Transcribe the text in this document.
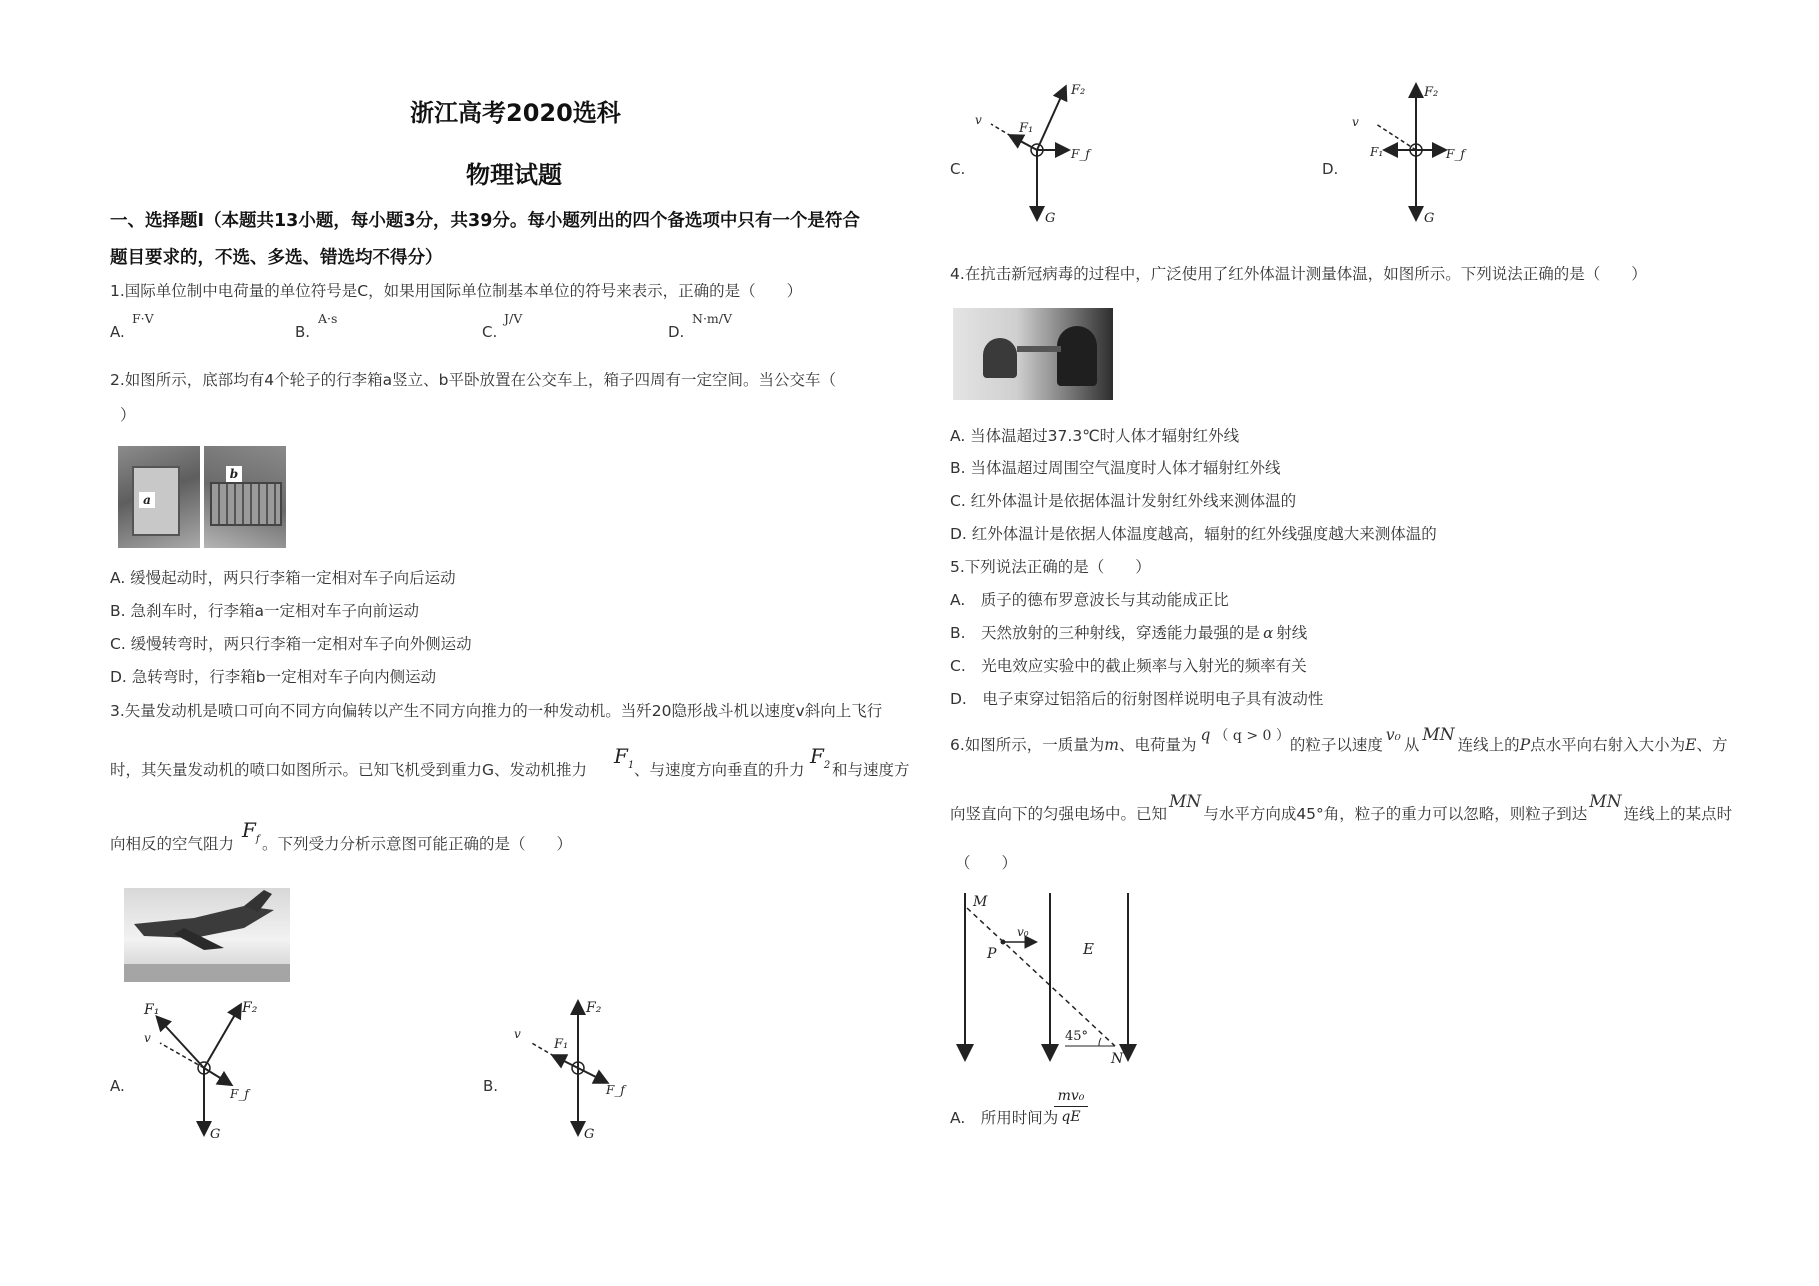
浙江高考2020选科
物理试题
一、选择题I（本题共13小题，每小题3分，共39分。每小题列出的四个备选项中只有一个是符合
题目要求的，不选、多选、错选均不得分）
1.国际单位制中电荷量的单位符号是C，如果用国际单位制基本单位的符号来表示，正确的是（　　）
A.
F·V
B.
A·s
C.
J/V
D.
N·m/V
2.如图所示，底部均有4个轮子的行李箱a竖立、b平卧放置在公交车上，箱子四周有一定空间。当公交车（
）
a
b
A. 缓慢起动时，两只行李箱一定相对车子向后运动
B. 急刹车时，行李箱a一定相对车子向前运动
C. 缓慢转弯时，两只行李箱一定相对车子向外侧运动
D. 急转弯时，行李箱b一定相对车子向内侧运动
3.矢量发动机是喷口可向不同方向偏转以产生不同方向推力的一种发动机。当歼20隐形战斗机以速度v斜向上飞行
时，其矢量发动机的喷口如图所示。已知飞机受到重力G、发动机推力
$F_1$ 、与速度方向垂直的升力
$F_2$ 和与速度方
向相反的空气阻力
$F_f$ 。下列受力分析示意图可能正确的是（　　）
A.
F₁	F₂
v
F_f
G
B.
F₂
F₁
v
F_f
G
C.
F₂
F₁
v
F_f
G
D.
F₂
F₁
v
F_f
G
4.在抗击新冠病毒的过程中，广泛使用了红外体温计测量体温，如图所示。下列说法正确的是（　　）
A. 当体温超过37.3℃时人体才辐射红外线
B. 当体温超过周围空气温度时人体才辐射红外线
C. 红外体温计是依据体温计发射红外线来测体温的
D. 红外体温计是依据人体温度越高，辐射的红外线强度越大来测体温的
5.下列说法正确的是（　　）
A.　质子的德布罗意波长与其动能成正比
B.　天然放射的三种射线，穿透能力最强的是 α 射线
C.　光电效应实验中的截止频率与入射光的频率有关
D.　电子束穿过铝箔后的衍射图样说明电子具有波动性
6.如图所示，一质量为m、电荷量为q （ q > 0 ）的粒子以速度v₀从 MN 连线上的P点水平向右射入大小为E、方
向竖直向下的匀强电场中。已知MN与水平方向成45°角，粒子的重力可以忽略，则粒子到达MN连线上的某点时
（　　）
M
P
v₀
E
45°
N
A.　所用时间为
$\frac{\text{mv₀}}{qE}$
